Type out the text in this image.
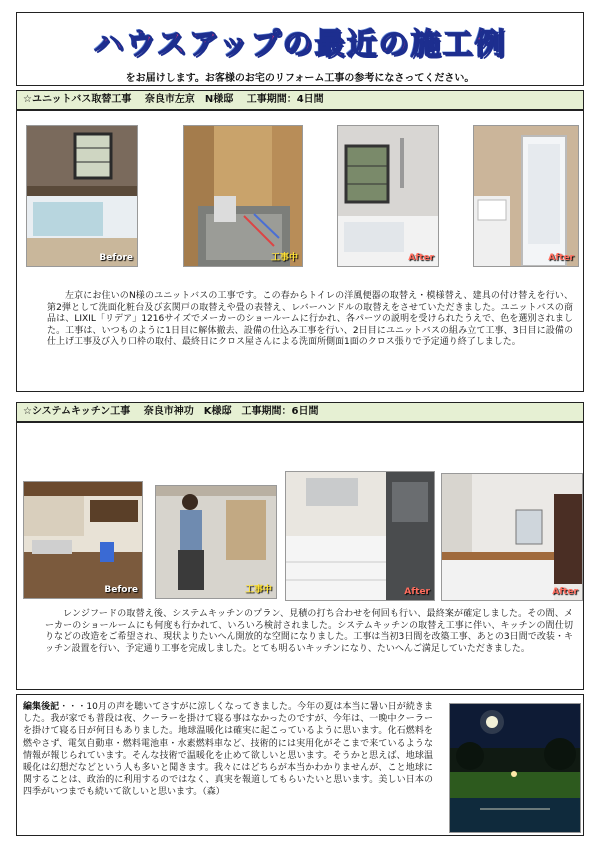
ハウスアップの最近の施工例
をお届けします。お客様のお宅のリフォーム工事の参考になさってください。
☆ユニットバス取替工事　 奈良市左京　N様邸　 工事期間：4日間
Before	工事中	After	After
左京にお住いのN様のユニットバスの工事です。この春からトイレの洋風便器の取替え・模様替え、建具の付け替えを行い、第2弾として洗面化粧台及び玄関戸の取替えや畳の表替え、レバーハンドルの取替えをさせていただきました。ユニットバスの商品は、LIXIL「リデア」1216サイズでメーカーのショールームに行かれ、各パーツの説明を受けられたうえで、色を選別されました。工事は、いつものように1日目に解体撤去、設備の仕込み工事を行い、2日目にユニットバスの組み立て工事、3日目に設備の仕上げ工事及び入り口枠の取付、最終日にクロス屋さんによる洗面所側面1面のクロス張りで予定通り終了しました。
☆システムキッチン工事　 奈良市神功　K様邸　工事期間：6日間
Before	工事中	After	After
レンジフードの取替え後、システムキッチンのプラン、見積の打ち合わせを何回も行い、最終案が確定しました。その間、メーカーのショールームにも何度も行かれて、いろいろ検討されました。システムキッチンの取替え工事に伴い、キッチンの間仕切りなどの改造をご希望され、現状よりたいへん開放的な空間になりました。工事は当初3日間を改築工事、あとの3日間で改装・キッチン設置を行い、予定通り工事を完成しました。とても明るいキッチンになり、たいへんご満足していただきました。
編集後記・・・10月の声を聴いてさすがに涼しくなってきました。今年の夏は本当に暑い日が続きました。我が家でも普段は夜、クーラーを掛けて寝る事はなかったのですが、今年は、一晩中クーラーを掛けて寝る日が何日もありました。地球温暖化は確実に起こっているように思います。化石燃料を燃やさず、電気自動車・燃料電池車・水素燃料車など、技術的には実用化がそこまで来ているような情報が報じられています。そんな技術で温暖化を止めて欲しいと思います。そうかと思えば、地球温暖化は幻想だなどという人も多いと聞きます。我々にはどちらが本当かわかりませんが、こと地球に関することは、政治的に利用するのではなく、真実を報道してもらいたいと思います。美しい日本の四季がいつまでも続いて欲しいと思います。（森）
